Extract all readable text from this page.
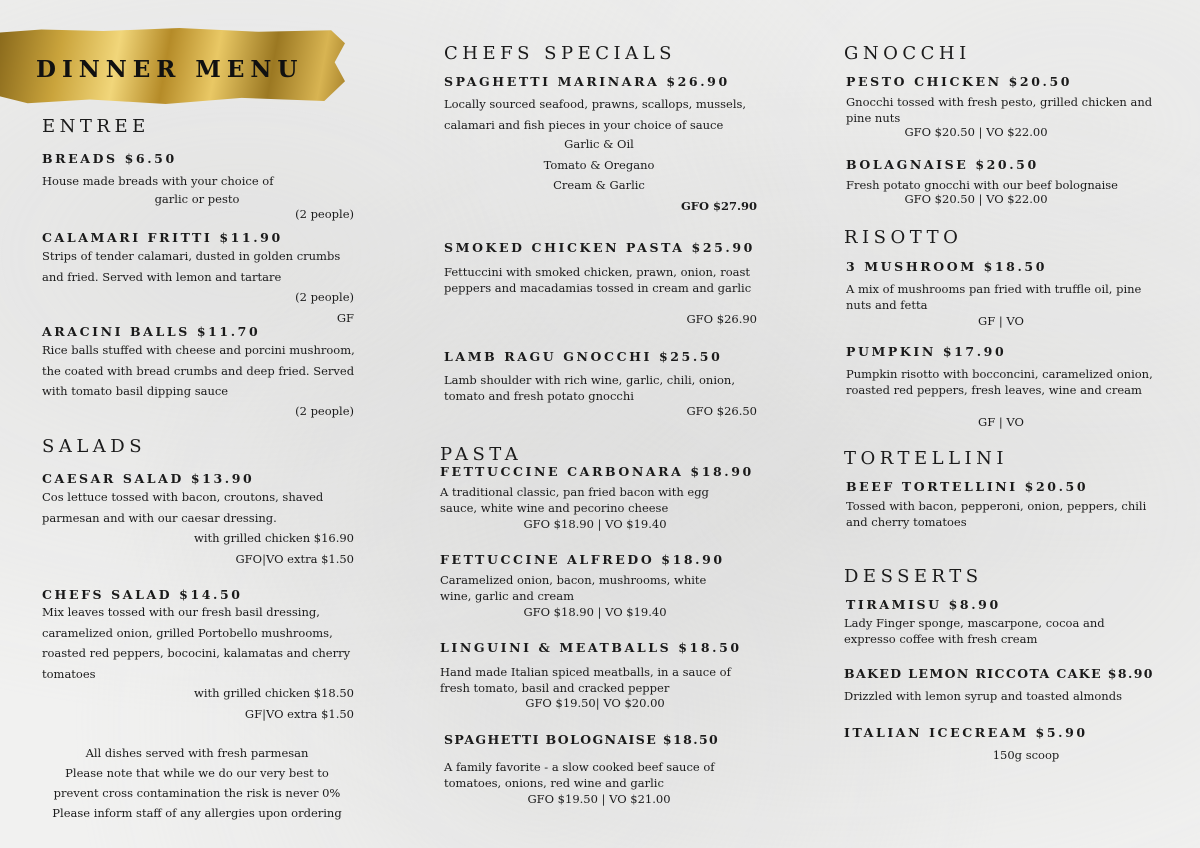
DINNER MENU
ENTREE
BREADS $6.50
House made breads with your choice of
garlic or pesto
(2 people)
CALAMARI FRITTI $11.90
Strips of tender calamari, dusted in golden crumbs and fried. Served with lemon and tartare
(2 people)
GF
ARACINI BALLS $11.70
Rice balls stuffed with cheese and porcini mushroom, the coated with bread crumbs and deep fried. Served with tomato basil dipping sauce
(2 people)
SALADS
CAESAR SALAD $13.90
Cos lettuce tossed with bacon, croutons, shaved parmesan and with our caesar dressing.
with grilled chicken $16.90
GFO|VO extra $1.50
CHEFS SALAD $14.50
Mix leaves tossed with our fresh basil dressing, caramelized onion, grilled Portobello mushrooms, roasted red peppers, bococini, kalamatas and cherry tomatoes
with grilled chicken $18.50
GF|VO extra $1.50
All dishes served with fresh parmesan
Please note that while we do our very best to
prevent cross contamination the risk is never 0%
Please inform staff of any allergies upon ordering
CHEFS SPECIALS
SPAGHETTI MARINARA $26.90
Locally sourced seafood, prawns, scallops, mussels, calamari and fish pieces in your choice of sauce
Garlic & Oil
Tomato & Oregano
Cream & Garlic
GFO $27.90
SMOKED CHICKEN PASTA $25.90
Fettuccini with smoked chicken, prawn, onion, roast peppers and macadamias tossed in cream and garlic
GFO $26.90
LAMB RAGU GNOCCHI $25.50
Lamb shoulder with rich wine, garlic, chili, onion, tomato and fresh potato gnocchi
GFO $26.50
PASTA
FETTUCCINE CARBONARA $18.90
A traditional classic, pan fried bacon with egg sauce, white wine and pecorino cheese
GFO $18.90 | VO $19.40
FETTUCCINE ALFREDO $18.90
Caramelized onion, bacon, mushrooms, white wine, garlic and cream
GFO $18.90 | VO $19.40
LINGUINI & MEATBALLS $18.50
Hand made Italian spiced meatballs, in a sauce of fresh tomato, basil and cracked pepper
GFO $19.50| VO $20.00
SPAGHETTI BOLOGNAISE $18.50
A family favorite - a slow cooked beef sauce of tomatoes, onions, red wine and garlic
GFO $19.50 | VO $21.00
GNOCCHI
PESTO CHICKEN $20.50
Gnocchi tossed with fresh pesto, grilled chicken and pine nuts
GFO $20.50 | VO $22.00
BOLAGNAISE $20.50
Fresh potato gnocchi with our beef bolognaise
GFO $20.50 | VO $22.00
RISOTTO
3 MUSHROOM $18.50
A mix of mushrooms pan fried with truffle oil, pine nuts and fetta
GF | VO
PUMPKIN $17.90
Pumpkin risotto with bocconcini, caramelized onion, roasted red peppers, fresh leaves, wine and cream
GF | VO
TORTELLINI
BEEF TORTELLINI $20.50
Tossed with bacon, pepperoni, onion, peppers, chili and cherry tomatoes
DESSERTS
TIRAMISU $8.90
Lady Finger sponge, mascarpone, cocoa and expresso coffee with fresh cream
BAKED LEMON RICCOTA CAKE $8.90
Drizzled with lemon syrup and toasted almonds
ITALIAN ICECREAM $5.90
150g scoop
